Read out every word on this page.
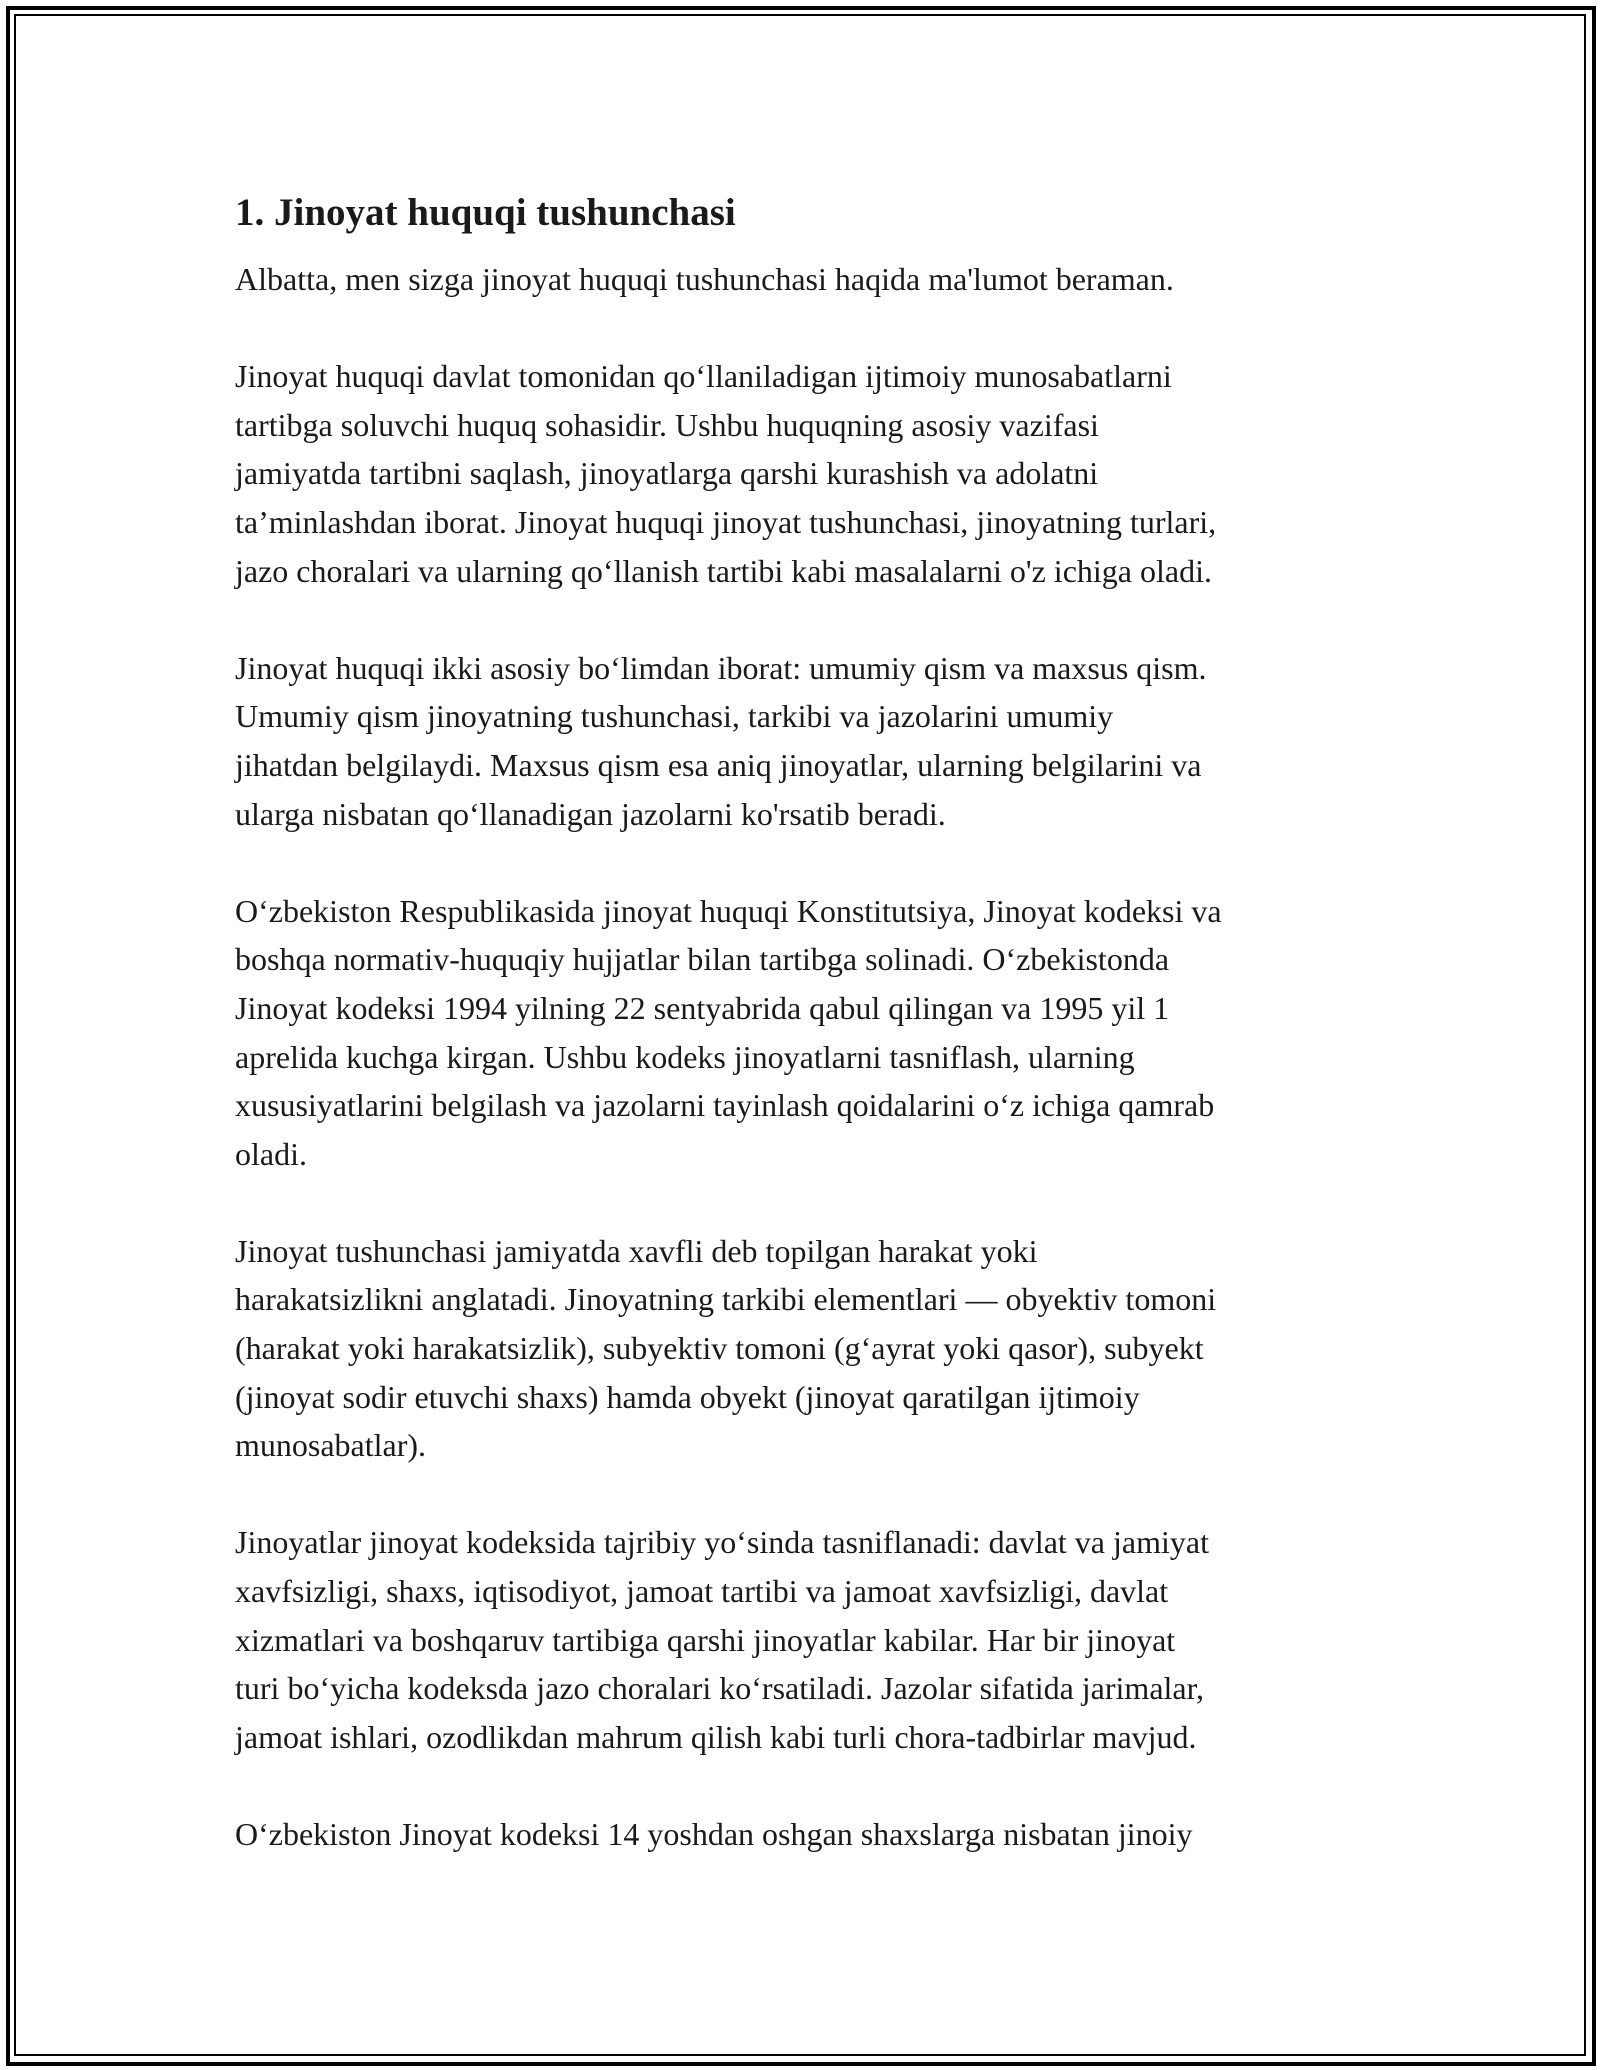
1. Jinoyat huquqi tushunchasi

Albatta, men sizga jinoyat huquqi tushunchasi haqida ma'lumot beraman.

Jinoyat huquqi davlat tomonidan qoʻllaniladigan ijtimoiy munosabatlarni
tartibga soluvchi huquq sohasidir. Ushbu huquqning asosiy vazifasi
jamiyatda tartibni saqlash, jinoyatlarga qarshi kurashish va adolatni
ta’minlashdan iborat. Jinoyat huquqi jinoyat tushunchasi, jinoyatning turlari,
jazo choralari va ularning qoʻllanish tartibi kabi masalalarni o'z ichiga oladi.

Jinoyat huquqi ikki asosiy boʻlimdan iborat: umumiy qism va maxsus qism.
Umumiy qism jinoyatning tushunchasi, tarkibi va jazolarini umumiy
jihatdan belgilaydi. Maxsus qism esa aniq jinoyatlar, ularning belgilarini va
ularga nisbatan qoʻllanadigan jazolarni ko'rsatib beradi.

Oʻzbekiston Respublikasida jinoyat huquqi Konstitutsiya, Jinoyat kodeksi va
boshqa normativ-huquqiy hujjatlar bilan tartibga solinadi. Oʻzbekistonda
Jinoyat kodeksi 1994 yilning 22 sentyabrida qabul qilingan va 1995 yil 1
aprelida kuchga kirgan. Ushbu kodeks jinoyatlarni tasniflash, ularning
xususiyatlarini belgilash va jazolarni tayinlash qoidalarini oʻz ichiga qamrab
oladi.

Jinoyat tushunchasi jamiyatda xavfli deb topilgan harakat yoki
harakatsizlikni anglatadi. Jinoyatning tarkibi elementlari — obyektiv tomoni
(harakat yoki harakatsizlik), subyektiv tomoni (gʻayrat yoki qasor), subyekt
(jinoyat sodir etuvchi shaxs) hamda obyekt (jinoyat qaratilgan ijtimoiy
munosabatlar).

Jinoyatlar jinoyat kodeksida tajribiy yoʻsinda tasniflanadi: davlat va jamiyat
xavfsizligi, shaxs, iqtisodiyot, jamoat tartibi va jamoat xavfsizligi, davlat
xizmatlari va boshqaruv tartibiga qarshi jinoyatlar kabilar. Har bir jinoyat
turi boʻyicha kodeksda jazo choralari koʻrsatiladi. Jazolar sifatida jarimalar,
jamoat ishlari, ozodlikdan mahrum qilish kabi turli chora-tadbirlar mavjud.

Oʻzbekiston Jinoyat kodeksi 14 yoshdan oshgan shaxslarga nisbatan jinoiy
